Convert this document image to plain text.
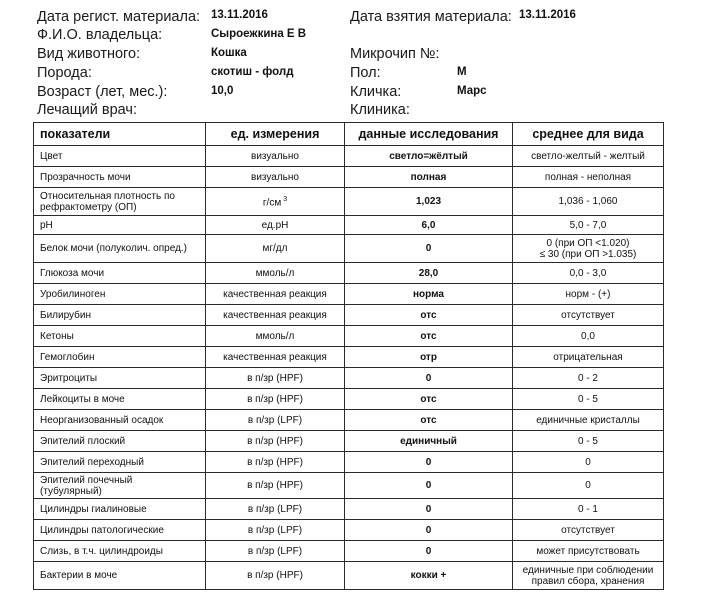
Дата регист. материала: 13.11.2016	Дата взятия материала: 13.11.2016
Ф.И.О. владельца:	Сыроежкина Е В
Вид животного:	Кошка	Микрочип №:
Порода:	скотиш - фолд	Пол:	М
Возраст (лет, мес.):	10,0	Кличка:	Марс
Лечащий врач:	Клиника:
показатели	ед. измерения	данные исследования	среднее для вида
Цвет	визуально	светло=жёлтый	светло-желтый - желтый
Прозрачность мочи	визуально	полная	полная - неполная
Относительная плотность по рефрактометру (ОП)	г/см $^3$	1,023	1,036 - 1,060
pH	ед.pH	6,0	5,0 - 7,0
Белок мочи (полуколич. опред.)	мг/дл	0	0 (при ОП <1.020)
≤ 30 (при ОП >1.035)

Глюкоза мочи	ммоль/л	28,0	0,0 - 3,0
Уробилиноген	качественная реакция	норма	норм - (+)
Билирубин	качественная реакция	отс	отсутствует
Кетоны	ммоль/л	отс	0,0
Гемоглобин	качественная реакция	отр	отрицательная
Эритроциты	в п/зр (HPF)	0	0 - 2
Лейкоциты в моче	в п/зр (HPF)	отс	0 - 5
Неорганизованный осадок	в п/зр (LPF)	отс	единичные кристаллы
Эпителий плоский	в п/зр (HPF)	единичный	0 - 5
Эпителий переходный	в п/зр (HPF)	0	0

Эпителий почечный
(тубулярный)	в п/зр (HPF)	0	0
Цилиндры гиалиновые	в п/зр (LPF)	0	0 - 1
Цилиндры патологические	в п/зр (LPF)	0	отсутствует
Слизь, в т.ч. цилиндроиды	в п/зр (LPF)	0	может присутствовать
Бактерии в моче	в п/зр (HPF)	кокки +	единичные при соблюдении
правил сбора, хранения
